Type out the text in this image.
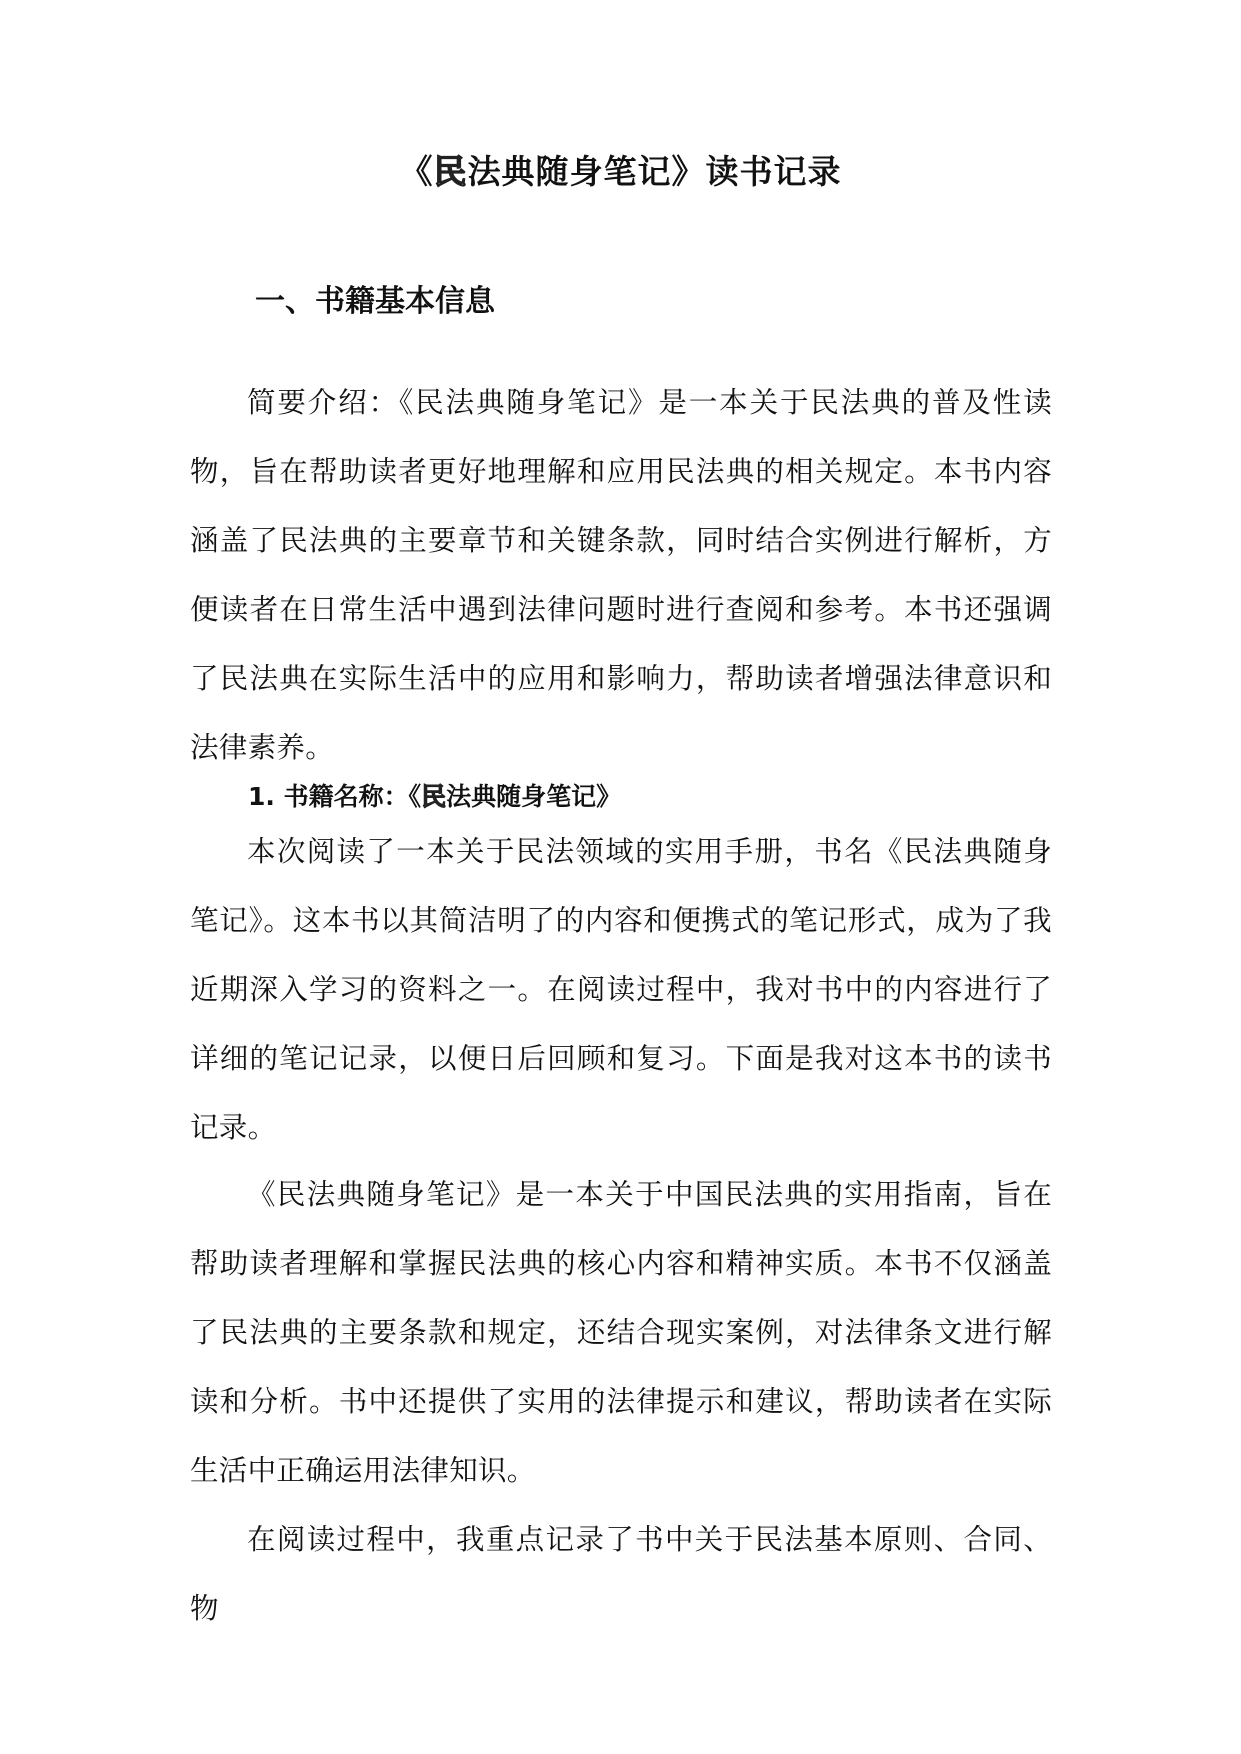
《民法典随身笔记》读书记录
一、书籍基本信息

简要介绍：《民法典随身笔记》是一本关于民法典的普及性读物，旨在帮助读者更好地理解和应用民法典的相关规定。本书内容涵盖了民法典的主要章节和关键条款，同时结合实例进行解析，方便读者在日常生活中遇到法律问题时进行查阅和参考。本书还强调了民法典在实际生活中的应用和影响力，帮助读者增强法律意识和法律素养。

1. 书籍名称：《民法典随身笔记》

本次阅读了一本关于民法领域的实用手册，书名《民法典随身笔记》。这本书以其简洁明了的内容和便携式的笔记形式，成为了我近期深入学习的资料之一。在阅读过程中，我对书中的内容进行了详细的笔记记录，以便日后回顾和复习。下面是我对这本书的读书记录。

《民法典随身笔记》是一本关于中国民法典的实用指南，旨在帮助读者理解和掌握民法典的核心内容和精神实质。本书不仅涵盖了民法典的主要条款和规定，还结合现实案例，对法律条文进行解读和分析。书中还提供了实用的法律提示和建议，帮助读者在实际生活中正确运用法律知识。

在阅读过程中，我重点记录了书中关于民法基本原则、合同、物
